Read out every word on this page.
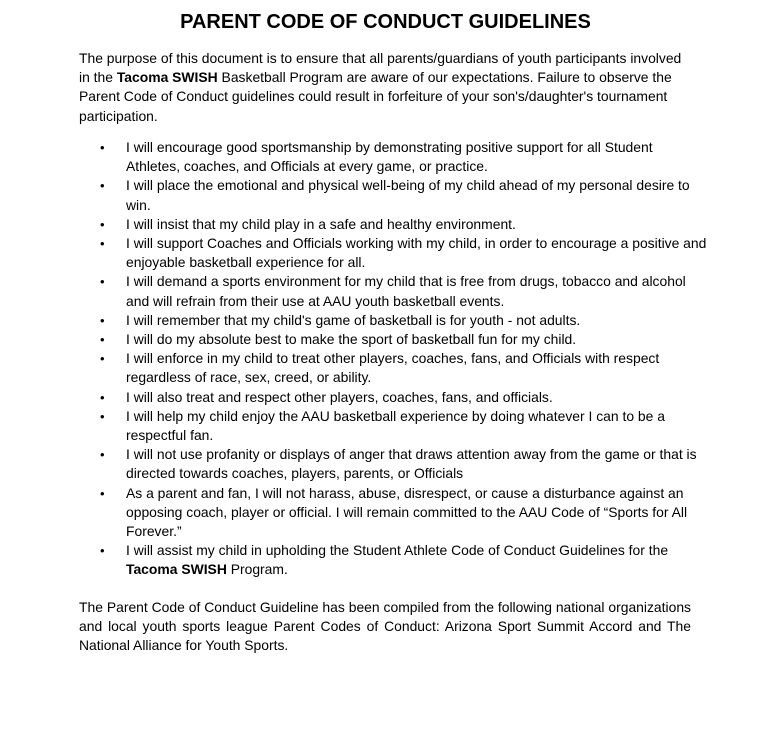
PARENT CODE OF CONDUCT GUIDELINES

The purpose of this document is to ensure that all parents/guardians of youth participants involved in the Tacoma SWISH Basketball Program are aware of our expectations. Failure to observe the Parent Code of Conduct guidelines could result in forfeiture of your son's/daughter's tournament participation.

• I will encourage good sportsmanship by demonstrating positive support for all Student Athletes, coaches, and Officials at every game, or practice.
• I will place the emotional and physical well-being of my child ahead of my personal desire to win.
• I will insist that my child play in a safe and healthy environment.
• I will support Coaches and Officials working with my child, in order to encourage a positive and enjoyable basketball experience for all.
• I will demand a sports environment for my child that is free from drugs, tobacco and alcohol and will refrain from their use at AAU youth basketball events.
• I will remember that my child's game of basketball is for youth - not adults.
• I will do my absolute best to make the sport of basketball fun for my child.
• I will enforce in my child to treat other players, coaches, fans, and Officials with respect regardless of race, sex, creed, or ability.
• I will also treat and respect other players, coaches, fans, and officials.
• I will help my child enjoy the AAU basketball experience by doing whatever I can to be a respectful fan.
• I will not use profanity or displays of anger that draws attention away from the game or that is directed towards coaches, players, parents, or Officials
• As a parent and fan, I will not harass, abuse, disrespect, or cause a disturbance against an opposing coach, player or official. I will remain committed to the AAU Code of “Sports for All Forever.”
• I will assist my child in upholding the Student Athlete Code of Conduct Guidelines for the Tacoma SWISH Program.

The Parent Code of Conduct Guideline has been compiled from the following national organizations and local youth sports league Parent Codes of Conduct: Arizona Sport Summit Accord and The National Alliance for Youth Sports.
